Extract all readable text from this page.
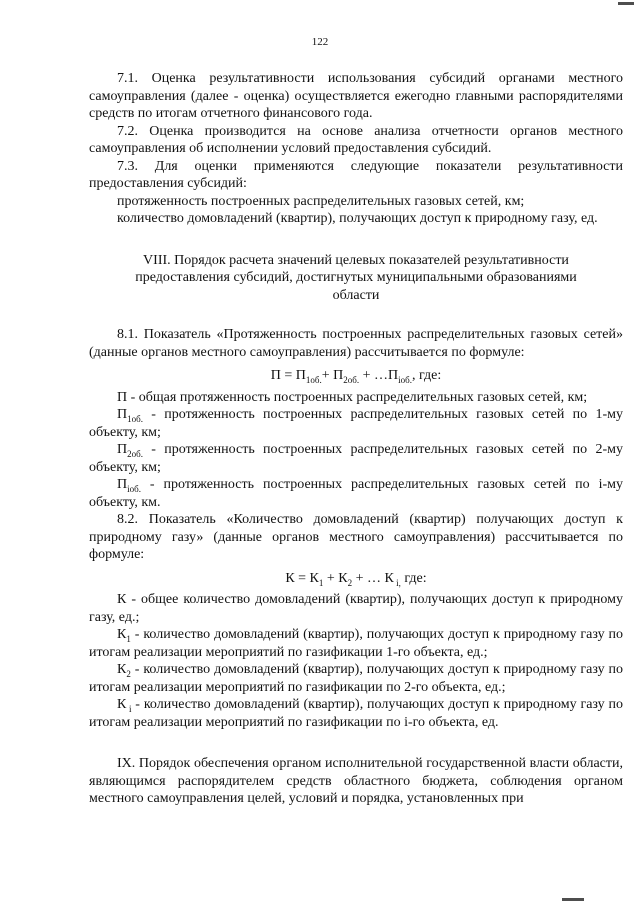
122

7.1. Оценка результативности использования субсидий органами местного самоуправления (далее - оценка) осуществляется ежегодно главными распорядителями средств по итогам отчетного финансового года.

7.2. Оценка производится на основе анализа отчетности органов местного самоуправления об исполнении условий предоставления субсидий.

7.3. Для оценки применяются следующие показатели результативности предоставления субсидий:

протяженность построенных распределительных газовых сетей, км;

количество домовладений (квартир), получающих доступ к природному газу, ед.

VIII. Порядок расчета значений целевых показателей результативности предоставления субсидий, достигнутых муниципальными образованиями области

8.1. Показатель «Протяженность построенных распределительных газовых сетей» (данные органов местного самоуправления) рассчитывается по формуле:

$П = П_{1об.}+ П_{2об.}$ + $\dots П_{iоб.}$, где:

П - общая протяженность построенных распределительных газовых сетей, км;

$П_{1об.}$ - протяженность построенных распределительных газовых сетей по 1-му объекту, км;

$П_{2об.}$ - протяженность построенных распределительных газовых сетей по 2-му объекту, км;

$П_{iоб.}$ - протяженность построенных распределительных газовых сетей по i-му объекту, км.

8.2. Показатель «Количество домовладений (квартир) получающих доступ к природному газу» (данные органов местного самоуправления) рассчитывается по формуле:

$К = К_1 + К_2$ + … К $_{i,}$ где:

К - общее количество домовладений (квартир), получающих доступ к природному газу, ед.;

$К_1$ - количество домовладений (квартир), получающих доступ к природному газу по итогам реализации мероприятий по газификации 1-го объекта, ед.;

$К_2$ - количество домовладений (квартир), получающих доступ к природному газу по итогам реализации мероприятий по газификации по 2-го объекта, ед.;

К $_i$ - количество домовладений (квартир), получающих доступ к природному газу по итогам реализации мероприятий по газификации по i-го объекта, ед.

IX. Порядок обеспечения органом исполнительной государственной власти области, являющимся распорядителем средств областного бюджета, соблюдения органом местного самоуправления целей, условий и порядка, установленных при
